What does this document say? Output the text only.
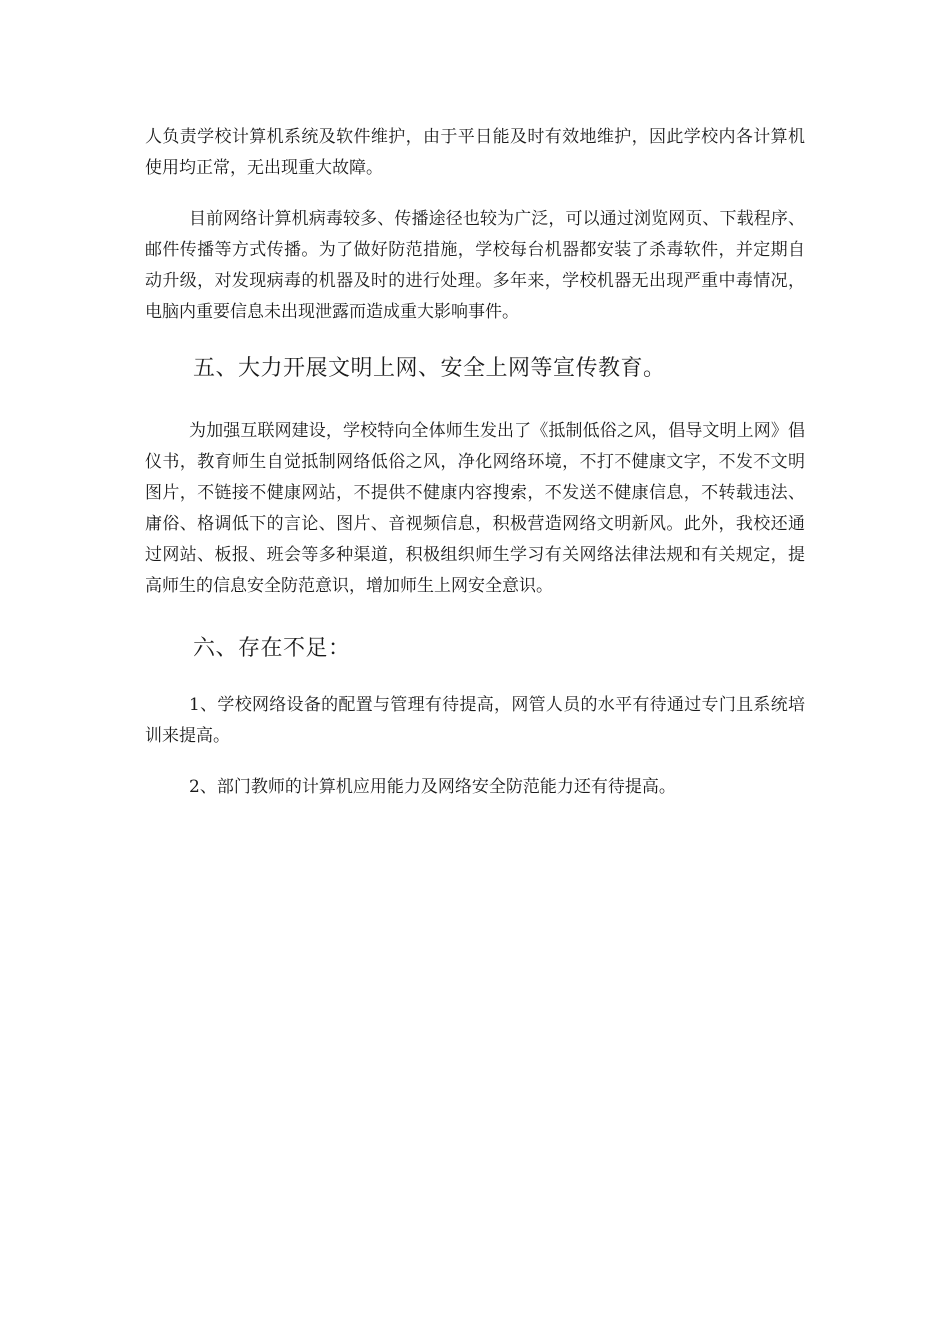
人负责学校计算机系统及软件维护，由于平日能及时有效地维护，因此学校内各计算机使用均正常，无出现重大故障。

目前网络计算机病毒较多、传播途径也较为广泛，可以通过浏览网页、下载程序、邮件传播等方式传播。为了做好防范措施，学校每台机器都安装了杀毒软件，并定期自动升级，对发现病毒的机器及时的进行处理。多年来，学校机器无出现严重中毒情况，电脑内重要信息未出现泄露而造成重大影响事件。

五、大力开展文明上网、安全上网等宣传教育。

为加强互联网建设，学校特向全体师生发出了《抵制低俗之风，倡导文明上网》倡仪书，教育师生自觉抵制网络低俗之风，净化网络环境，不打不健康文字，不发不文明图片，不链接不健康网站，不提供不健康内容搜索，不发送不健康信息，不转载违法、庸俗、格调低下的言论、图片、音视频信息，积极营造网络文明新风。此外，我校还通过网站、板报、班会等多种渠道，积极组织师生学习有关网络法律法规和有关规定，提高师生的信息安全防范意识，增加师生上网安全意识。

六、存在不足：

1、学校网络设备的配置与管理有待提高，网管人员的水平有待通过专门且系统培训来提高。

2、部门教师的计算机应用能力及网络安全防范能力还有待提高。
